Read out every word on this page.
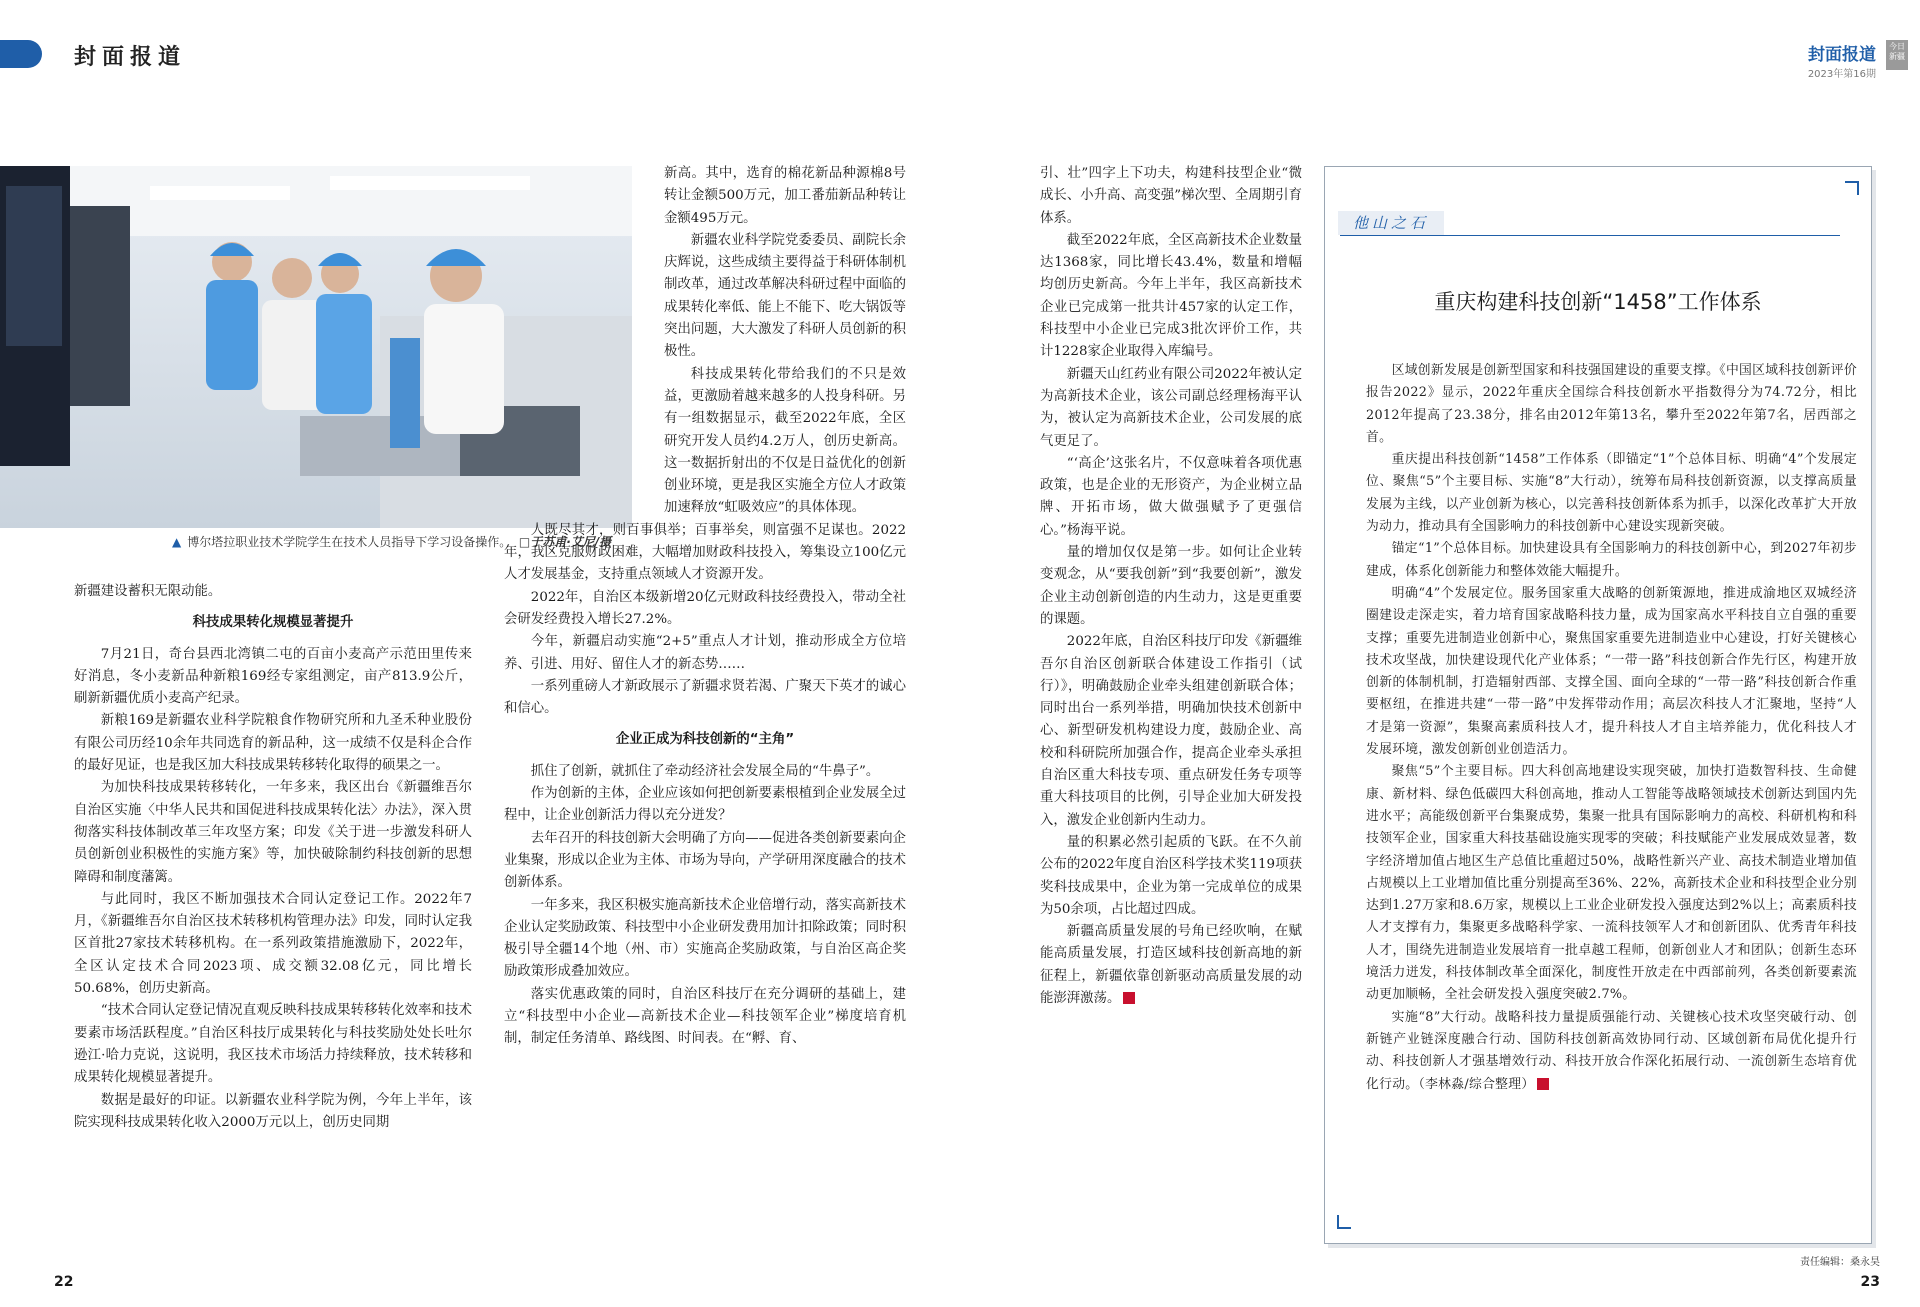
封面报道	封面报道
2023年第16期
今日新疆
▲ 博尔塔拉职业技术学院学生在技术人员指导下学习设备操作。 □于苏甫·艾尼/摄

新疆建设蓄积无限动能。

科技成果转化规模显著提升

7月21日，奇台县西北湾镇二屯的百亩小麦高产示范田里传来好消息，冬小麦新品种新粮169经专家组测定，亩产813.9公斤，刷新新疆优质小麦高产纪录。

新粮169是新疆农业科学院粮食作物研究所和九圣禾种业股份有限公司历经10余年共同选育的新品种，这一成绩不仅是科企合作的最好见证，也是我区加大科技成果转移转化取得的硕果之一。

为加快科技成果转移转化，一年多来，我区出台《新疆维吾尔自治区实施〈中华人民共和国促进科技成果转化法〉办法》，深入贯彻落实科技体制改革三年攻坚方案；印发《关于进一步激发科研人员创新创业积极性的实施方案》等，加快破除制约科技创新的思想障碍和制度藩篱。

与此同时，我区不断加强技术合同认定登记工作。2022年7月，《新疆维吾尔自治区技术转移机构管理办法》印发，同时认定我区首批27家技术转移机构。在一系列政策措施激励下，2022年，全区认定技术合同2023项、成交额32.08亿元，同比增长50.68%，创历史新高。

“技术合同认定登记情况直观反映科技成果转移转化效率和技术要素市场活跃程度。”自治区科技厅成果转化与科技奖励处处长吐尔逊江·哈力克说，这说明，我区技术市场活力持续释放，技术转移和成果转化规模显著提升。

数据是最好的印证。以新疆农业科学院为例，今年上半年，该院实现科技成果转化收入2000万元以上，创历史同期

新高。其中，选育的棉花新品种源棉8号转让金额500万元，加工番茄新品种转让金额495万元。

新疆农业科学院党委委员、副院长余庆辉说，这些成绩主要得益于科研体制机制改革，通过改革解决科研过程中面临的成果转化率低、能上不能下、吃大锅饭等突出问题，大大激发了科研人员创新的积极性。

科技成果转化带给我们的不只是效益，更激励着越来越多的人投身科研。另有一组数据显示，截至2022年底，全区研究开发人员约4.2万人，创历史新高。这一数据折射出的不仅是日益优化的创新创业环境，更是我区实施全方位人才政策加速释放“虹吸效应”的具体体现。

人既尽其才，则百事俱举；百事举矣，则富强不足谋也。2022年，我区克服财政困难，大幅增加财政科技投入，筹集设立100亿元人才发展基金，支持重点领域人才资源开发。

2022年，自治区本级新增20亿元财政科技经费投入，带动全社会研发经费投入增长27.2%。

今年，新疆启动实施“2+5”重点人才计划，推动形成全方位培养、引进、用好、留住人才的新态势……

一系列重磅人才新政展示了新疆求贤若渴、广聚天下英才的诚心和信心。

企业正成为科技创新的“主角”

抓住了创新，就抓住了牵动经济社会发展全局的“牛鼻子”。

作为创新的主体，企业应该如何把创新要素根植到企业发展全过程中，让企业创新活力得以充分迸发？

去年召开的科技创新大会明确了方向——促进各类创新要素向企业集聚，形成以企业为主体、市场为导向，产学研用深度融合的技术创新体系。

一年多来，我区积极实施高新技术企业倍增行动，落实高新技术企业认定奖励政策、科技型中小企业研发费用加计扣除政策；同时积极引导全疆14个地（州、市）实施高企奖励政策，与自治区高企奖励政策形成叠加效应。

落实优惠政策的同时，自治区科技厅在充分调研的基础上，建立“科技型中小企业—高新技术企业—科技领军企业”梯度培育机制，制定任务清单、路线图、时间表。在“孵、育、

引、壮”四字上下功夫，构建科技型企业“微成长、小升高、高变强”梯次型、全周期引育体系。

截至2022年底，全区高新技术企业数量达1368家，同比增长43.4%，数量和增幅均创历史新高。今年上半年，我区高新技术企业已完成第一批共计457家的认定工作，科技型中小企业已完成3批次评价工作，共计1228家企业取得入库编号。

新疆天山红药业有限公司2022年被认定为高新技术企业，该公司副总经理杨海平认为，被认定为高新技术企业，公司发展的底气更足了。

“‘高企’这张名片，不仅意味着各项优惠政策，也是企业的无形资产，为企业树立品牌、开拓市场，做大做强赋予了更强信心。”杨海平说。

量的增加仅仅是第一步。如何让企业转变观念，从“要我创新”到“我要创新”，激发企业主动创新创造的内生动力，这是更重要的课题。

2022年底，自治区科技厅印发《新疆维吾尔自治区创新联合体建设工作指引（试行）》，明确鼓励企业牵头组建创新联合体；同时出台一系列举措，明确加快技术创新中心、新型研发机构建设力度，鼓励企业、高校和科研院所加强合作，提高企业牵头承担自治区重大科技专项、重点研发任务专项等重大科技项目的比例，引导企业加大研发投入，激发企业创新内生动力。

量的积累必然引起质的飞跃。在不久前公布的2022年度自治区科学技术奖119项获奖科技成果中，企业为第一完成单位的成果为50余项，占比超过四成。

新疆高质量发展的号角已经吹响，在赋能高质量发展，打造区域科技创新高地的新征程上，新疆依靠创新驱动高质量发展的动能澎湃激荡。	J

他山之石
重庆构建科技创新“1458”工作体系

区域创新发展是创新型国家和科技强国建设的重要支撑。《中国区域科技创新评价报告2022》显示，2022年重庆全国综合科技创新水平指数得分为74.72分，相比2012年提高了23.38分，排名由2012年第13名，攀升至2022年第7名，居西部之首。

重庆提出科技创新“1458”工作体系（即锚定“1”个总体目标、明确“4”个发展定位、聚焦“5”个主要目标、实施“8”大行动），统筹布局科技创新资源，以支撑高质量发展为主线，以产业创新为核心，以完善科技创新体系为抓手，以深化改革扩大开放为动力，推动具有全国影响力的科技创新中心建设实现新突破。

锚定“1”个总体目标。加快建设具有全国影响力的科技创新中心，到2027年初步建成，体系化创新能力和整体效能大幅提升。

明确“4”个发展定位。服务国家重大战略的创新策源地，推进成渝地区双城经济圈建设走深走实，着力培育国家战略科技力量，成为国家高水平科技自立自强的重要支撑；重要先进制造业创新中心，聚焦国家重要先进制造业中心建设，打好关键核心技术攻坚战，加快建设现代化产业体系；“一带一路”科技创新合作先行区，构建开放创新的体制机制，打造辐射西部、支撑全国、面向全球的“一带一路”科技创新合作重要枢纽，在推进共建“一带一路”中发挥带动作用；高层次科技人才汇聚地，坚持“人才是第一资源”，集聚高素质科技人才，提升科技人才自主培养能力，优化科技人才发展环境，激发创新创业创造活力。

聚焦“5”个主要目标。四大科创高地建设实现突破，加快打造数智科技、生命健康、新材料、绿色低碳四大科创高地，推动人工智能等战略领域技术创新达到国内先进水平；高能级创新平台集聚成势，集聚一批具有国际影响力的高校、科研机构和科技领军企业，国家重大科技基础设施实现零的突破；科技赋能产业发展成效显著，数字经济增加值占地区生产总值比重超过50%，战略性新兴产业、高技术制造业增加值占规模以上工业增加值比重分别提高至36%、22%，高新技术企业和科技型企业分别达到1.27万家和8.6万家，规模以上工业企业研发投入强度达到2%以上；高素质科技人才支撑有力，集聚更多战略科学家、一流科技领军人才和创新团队、优秀青年科技人才，围绕先进制造业发展培育一批卓越工程师，创新创业人才和团队；创新生态环境活力迸发，科技体制改革全面深化，制度性开放走在中西部前列，各类创新要素流动更加顺畅，全社会研发投入强度突破2.7%。

实施“8”大行动。战略科技力量提质强能行动、关键核心技术攻坚突破行动、创新链产业链深度融合行动、国防科技创新高效协同行动、区域创新布局优化提升行动、科技创新人才强基增效行动、科技开放合作深化拓展行动、一流创新生态培育优化行动。（李林淼/综合整理）	J

22	23
责任编辑：桑永昊
